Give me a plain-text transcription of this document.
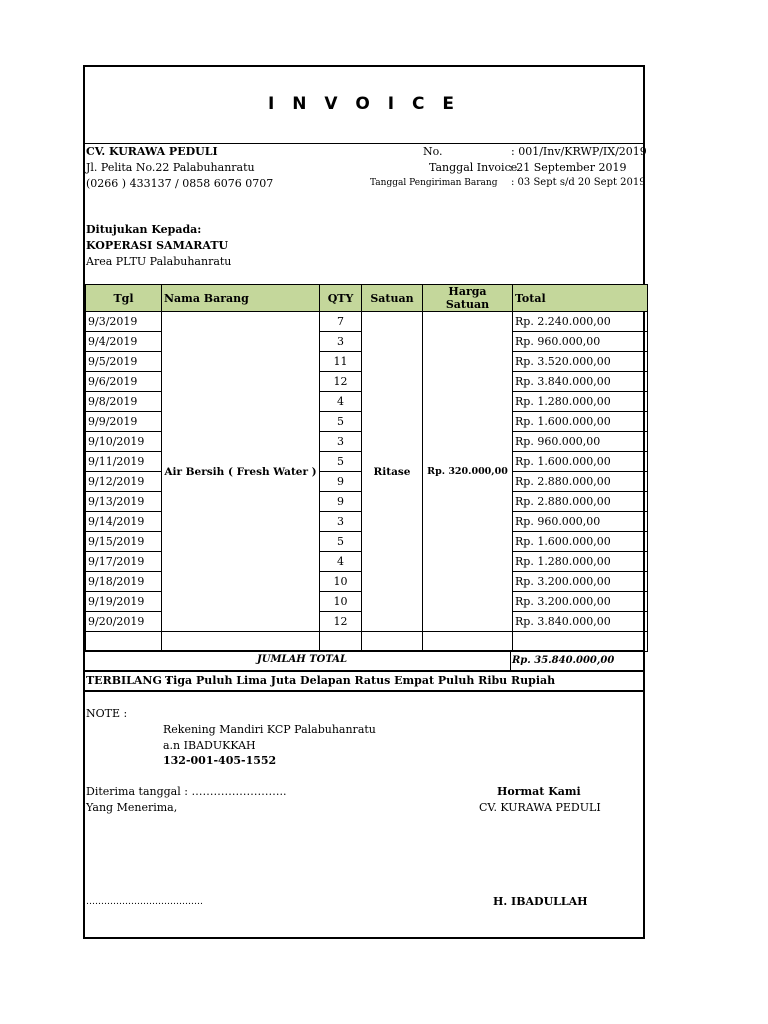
I N V O I C E
CV. KURAWA PEDULI
Jl. Pelita No.22 Palabuhanratu
(0266 ) 433137 / 0858 6076 0707
No.	: 001/Inv/KRWP/IX/2019
Tanggal Invoice
: 21 September 2019
Tanggal Pengiriman Barang : 03 Sept s/d 20 Sept 2019
Ditujukan Kepada:
KOPERASI SAMARATU
Area PLTU Palabuhanratu
Tgl	Nama Barang	QTY	Satuan	Harga Satuan	Total
9/3/2019	Air Bersih ( Fresh Water )	7	Ritase	Rp. 320.000,00	Rp. 2.240.000,00
9/4/2019		3			Rp. 960.000,00
9/5/2019		11			Rp. 3.520.000,00
9/6/2019		12			Rp. 3.840.000,00
9/8/2019		4			Rp. 1.280.000,00
9/9/2019		5			Rp. 1.600.000,00
9/10/2019		3			Rp. 960.000,00
9/11/2019		5			Rp. 1.600.000,00
9/12/2019		9			Rp. 2.880.000,00
9/13/2019		9			Rp. 2.880.000,00
9/14/2019		3			Rp. 960.000,00
9/15/2019		5			Rp. 1.600.000,00
9/17/2019		4			Rp. 1.280.000,00
9/18/2019		10			Rp. 3.200.000,00
9/19/2019		10			Rp. 3.200.000,00
9/20/2019		12			Rp. 3.840.000,00

JUMLAH TOTAL	Rp. 35.840.000,00
TERBILANG :
Tiga Puluh Lima Juta Delapan Ratus Empat Puluh Ribu Rupiah
NOTE :
Rekening Mandiri KCP Palabuhanratu
a.n IBADUKKAH
132-001-405-1552
Diterima tanggal : ……………………..
Yang Menerima,
Hormat Kami
CV. KURAWA PEDULI
…………………………………	H. IBADULLAH
